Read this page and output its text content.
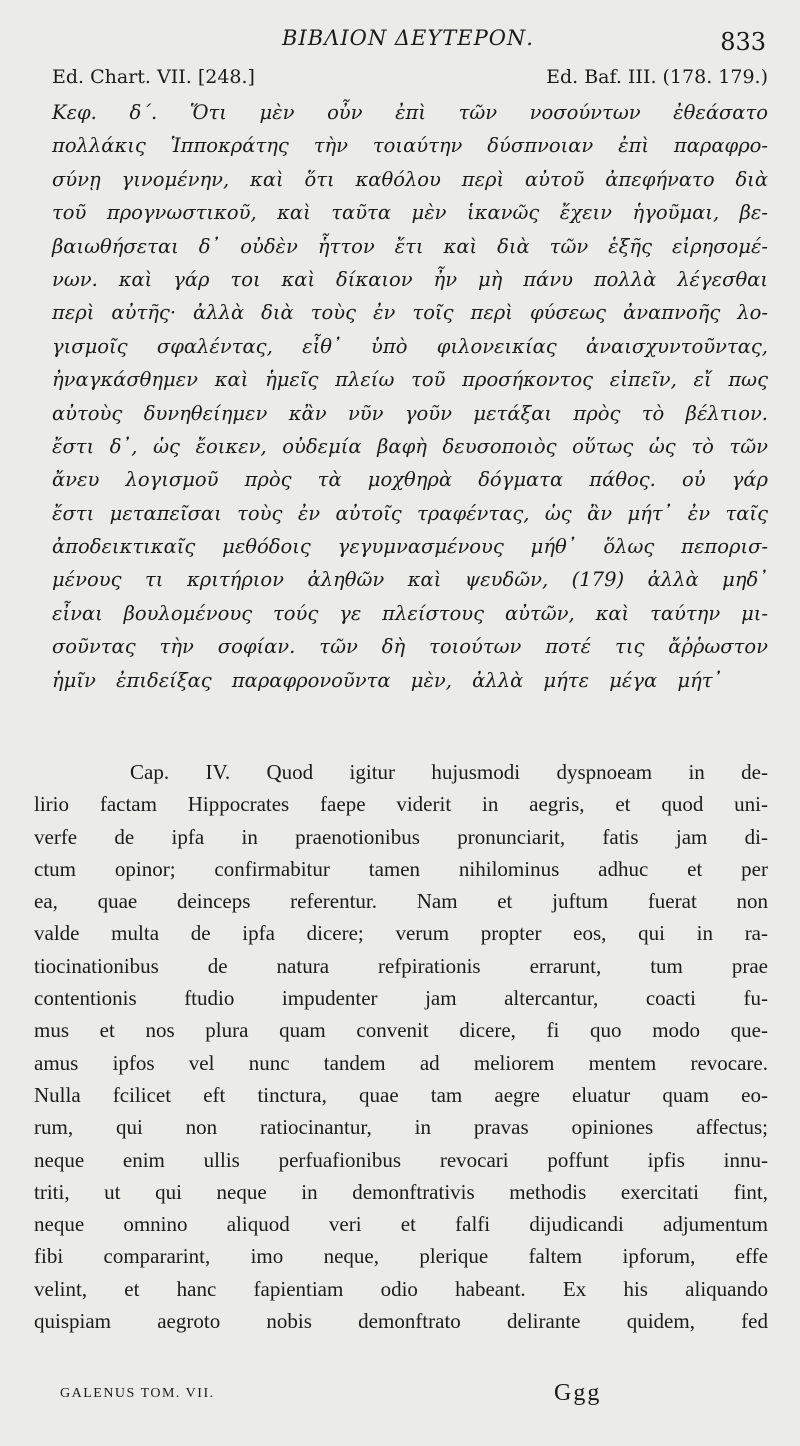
ΒΙΒΛΙΟΝ ΔΕΥΤΕΡΟΝ.	833
Ed. Chart. VII. [248.]	Ed. Baf. III. (178. 179.)
Κεφ. δ΄. Ὅτι μὲν οὖν ἐπὶ τῶν νοσούντων ἐθεάσατο
πολλάκις Ἱπποκράτης τὴν τοιαύτην δύσπνοιαν ἐπὶ παραφρο-
σύνῃ γινομένην, καὶ ὅτι καθόλου περὶ αὐτοῦ ἀπεφήνατο διὰ
τοῦ προγνωστικοῦ, καὶ ταῦτα μὲν ἱκανῶς ἔχειν ἡγοῦμαι, βε-
βαιωθήσεται δ᾽ οὐδὲν ἧττον ἔτι καὶ διὰ τῶν ἑξῆς εἰρησομέ-
νων. καὶ γάρ τοι καὶ δίκαιον ἦν μὴ πάνυ πολλὰ λέγεσθαι
περὶ αὐτῆς· ἀλλὰ διὰ τοὺς ἐν τοῖς περὶ φύσεως ἀναπνοῆς λο-
γισμοῖς σφαλέντας, εἶθ᾽ ὑπὸ φιλονεικίας ἀναισχυντοῦντας,
ἠναγκάσθημεν καὶ ἡμεῖς πλείω τοῦ προσήκοντος εἰπεῖν, εἴ πως
αὐτοὺς δυνηθείημεν κἂν νῦν γοῦν μετάξαι πρὸς τὸ βέλτιον.
ἔστι δ᾽, ὡς ἔοικεν, οὐδεμία βαφὴ δευσοποιὸς οὕτως ὡς τὸ τῶν
ἄνευ λογισμοῦ πρὸς τὰ μοχθηρὰ δόγματα πάθος. οὐ γάρ
ἔστι μεταπεῖσαι τοὺς ἐν αὐτοῖς τραφέντας, ὡς ἂν μήτ᾽ ἐν ταῖς
ἀποδεικτικαῖς μεθόδοις γεγυμνασμένους μήθ᾽ ὅλως πεπορισ-
μένους τι κριτήριον ἀληθῶν καὶ ψευδῶν, (179) ἀλλὰ μηδ᾽
εἶναι βουλομένους τούς γε πλείστους αὐτῶν, καὶ ταύτην μι-
σοῦντας τὴν σοφίαν. τῶν δὴ τοιούτων ποτέ τις ἄῤῥωστον
ἡμῖν ἐπιδείξας παραφρονοῦντα μὲν, ἀλλὰ μήτε μέγα μήτ᾽
Cap. IV. Quod igitur hujusmodi dyspnoeam in de-
lirio factam Hippocrates faepe viderit in aegris, et quod uni-
verfe de ipfa in praenotionibus pronunciarit, fatis jam di-
ctum opinor; confirmabitur tamen nihilominus adhuc et per
ea, quae deinceps referentur. Nam et juftum fuerat non
valde multa de ipfa dicere; verum propter eos, qui in ra-
tiocinationibus de natura refpirationis errarunt, tum prae
contentionis ftudio impudenter jam altercantur, coacti fu-
mus et nos plura quam convenit dicere, fi quo modo que-
amus ipfos vel nunc tandem ad meliorem mentem revocare.
Nulla fcilicet eft tinctura, quae tam aegre eluatur quam eo-
rum, qui non ratiocinantur, in pravas opiniones affectus;
neque enim ullis perfuafionibus revocari poffunt ipfis innu-
triti, ut qui neque in demonftrativis methodis exercitati fint,
neque omnino aliquod veri et falfi dijudicandi adjumentum
fibi compararint, imo neque, plerique faltem ipforum, effe
velint, et hanc fapientiam odio habeant. Ex his aliquando
quispiam aegroto nobis demonftrato delirante quidem, fed
GALENUS TOM. VII.	Ggg
